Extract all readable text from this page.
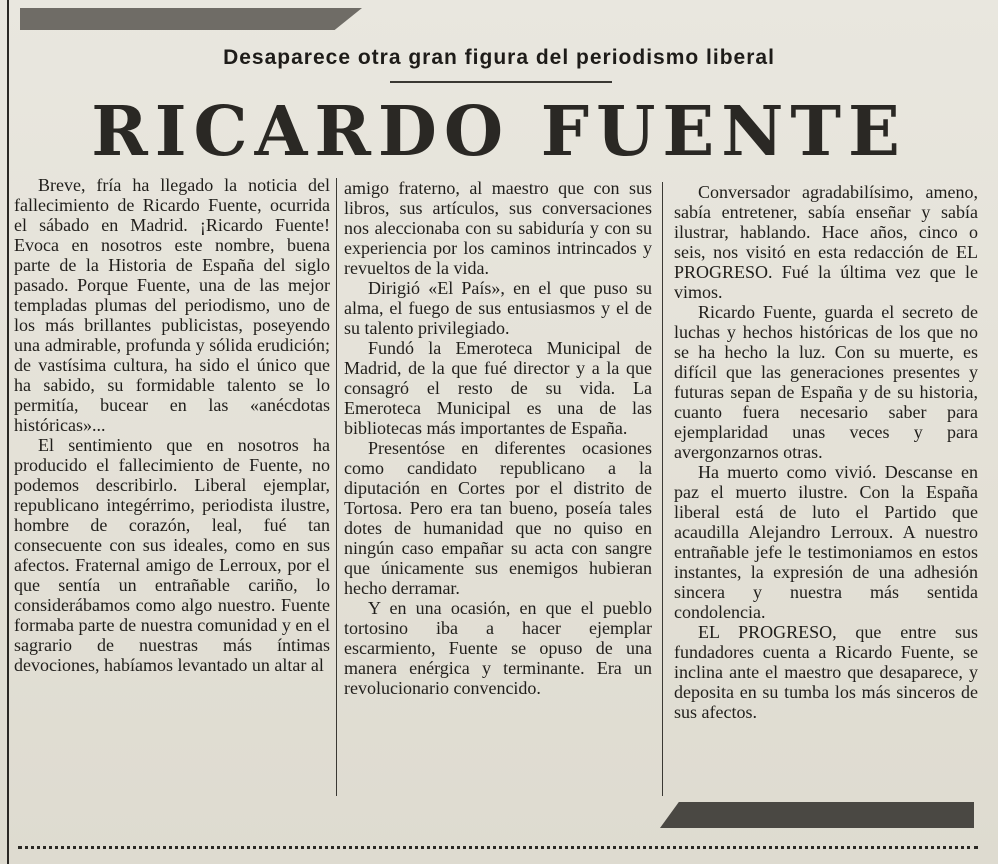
Desaparece otra gran figura del periodismo liberal
RICARDO FUENTE

Breve, fría ha llegado la noticia del fallecimiento de Ricardo Fuente, ocurrida el sábado en Madrid. ¡Ricardo Fuente! Evoca en nosotros este nombre, buena parte de la Historia de España del siglo pasado. Porque Fuente, una de las mejor templadas plumas del periodismo, uno de los más brillantes publicistas, poseyendo una admirable, profunda y sólida erudición; de vastísima cultura, ha sido el único que ha sabido, su formidable talento se lo permitía, bucear en las «anécdotas históricas»...

El sentimiento que en nosotros ha producido el fallecimiento de Fuente, no podemos describirlo. Liberal ejemplar, republicano integérrimo, periodista ilustre, hombre de corazón, leal, fué tan consecuente con sus ideales, como en sus afectos. Fraternal amigo de Lerroux, por el que sentía un entrañable cariño, lo considerábamos como algo nuestro. Fuente formaba parte de nuestra comunidad y en el sagrario de nuestras más íntimas devociones, habíamos levantado un altar al

amigo fraterno, al maestro que con sus libros, sus artículos, sus conversaciones nos aleccionaba con su sabiduría y con su experiencia por los caminos intrincados y revueltos de la vida.

Dirigió «El País», en el que puso su alma, el fuego de sus entusiasmos y el de su talento privilegiado.

Fundó la Emeroteca Municipal de Madrid, de la que fué director y a la que consagró el resto de su vida. La Emeroteca Municipal es una de las bibliotecas más importantes de España.

Presentóse en diferentes ocasiones como candidato republicano a la diputación en Cortes por el distrito de Tortosa. Pero era tan bueno, poseía tales dotes de humanidad que no quiso en ningún caso empañar su acta con sangre que únicamente sus enemigos hubieran hecho derramar.

Y en una ocasión, en que el pueblo tortosino iba a hacer ejemplar escarmiento, Fuente se opuso de una manera enérgica y terminante. Era un revolucionario convencido.

Conversador agradabilísimo, ameno, sabía entretener, sabía enseñar y sabía ilustrar, hablando. Hace años, cinco o seis, nos visitó en esta redacción de EL PROGRESO. Fué la última vez que le vimos.

Ricardo Fuente, guarda el secreto de luchas y hechos históricas de los que no se ha hecho la luz. Con su muerte, es difícil que las generaciones presentes y futuras sepan de España y de su historia, cuanto fuera necesario saber para ejemplaridad unas veces y para avergonzarnos otras.

Ha muerto como vivió. Descanse en paz el muerto ilustre. Con la España liberal está de luto el Partido que acaudilla Alejandro Lerroux. A nuestro entrañable jefe le testimoniamos en estos instantes, la expresión de una adhesión sincera y nuestra más sentida condolencia.

EL PROGRESO, que entre sus fundadores cuenta a Ricardo Fuente, se inclina ante el maestro que desaparece, y deposita en su tumba los más sinceros de sus afectos.
